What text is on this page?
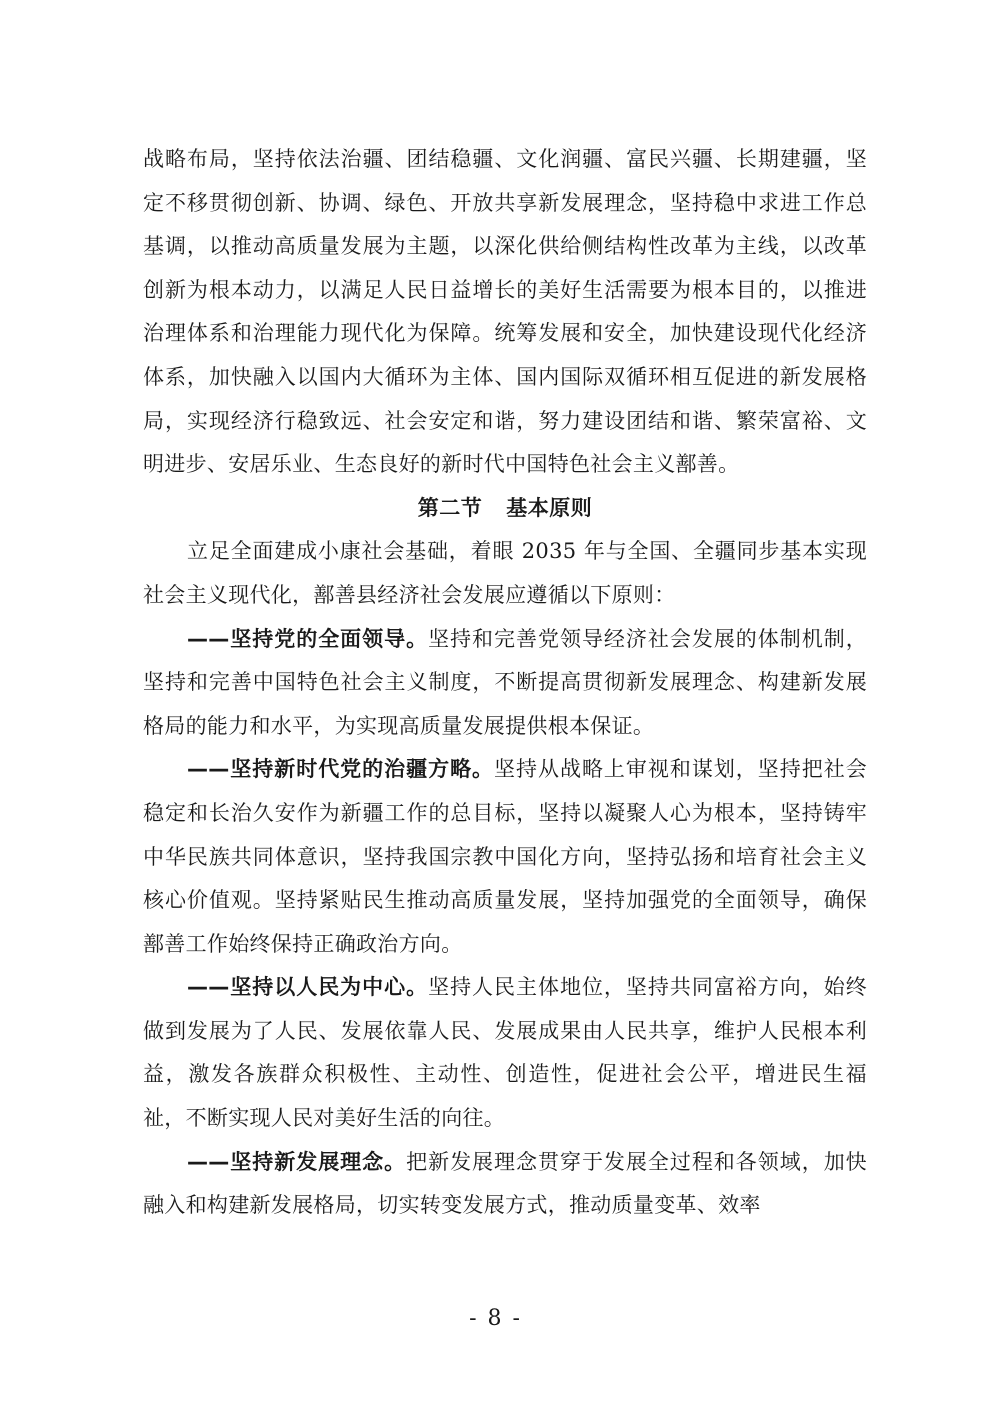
战略布局，坚持依法治疆、团结稳疆、文化润疆、富民兴疆、长期建疆，坚定不移贯彻创新、协调、绿色、开放共享新发展理念，坚持稳中求进工作总基调，以推动高质量发展为主题，以深化供给侧结构性改革为主线，以改革创新为根本动力，以满足人民日益增长的美好生活需要为根本目的，以推进治理体系和治理能力现代化为保障。统筹发展和安全，加快建设现代化经济体系，加快融入以国内大循环为主体、国内国际双循环相互促进的新发展格局，实现经济行稳致远、社会安定和谐，努力建设团结和谐、繁荣富裕、文明进步、安居乐业、生态良好的新时代中国特色社会主义鄯善。

第二节 基本原则

立足全面建成小康社会基础，着眼 2035 年与全国、全疆同步基本实现社会主义现代化，鄯善县经济社会发展应遵循以下原则：

——坚持党的全面领导。坚持和完善党领导经济社会发展的体制机制，坚持和完善中国特色社会主义制度，不断提高贯彻新发展理念、构建新发展格局的能力和水平，为实现高质量发展提供根本保证。

——坚持新时代党的治疆方略。坚持从战略上审视和谋划，坚持把社会稳定和长治久安作为新疆工作的总目标，坚持以凝聚人心为根本，坚持铸牢中华民族共同体意识，坚持我国宗教中国化方向，坚持弘扬和培育社会主义核心价值观。坚持紧贴民生推动高质量发展，坚持加强党的全面领导，确保鄯善工作始终保持正确政治方向。

——坚持以人民为中心。坚持人民主体地位，坚持共同富裕方向，始终做到发展为了人民、发展依靠人民、发展成果由人民共享，维护人民根本利益，激发各族群众积极性、主动性、创造性，促进社会公平，增进民生福祉，不断实现人民对美好生活的向往。

——坚持新发展理念。把新发展理念贯穿于发展全过程和各领域，加快融入和构建新发展格局，切实转变发展方式，推动质量变革、效率

- 8 -
